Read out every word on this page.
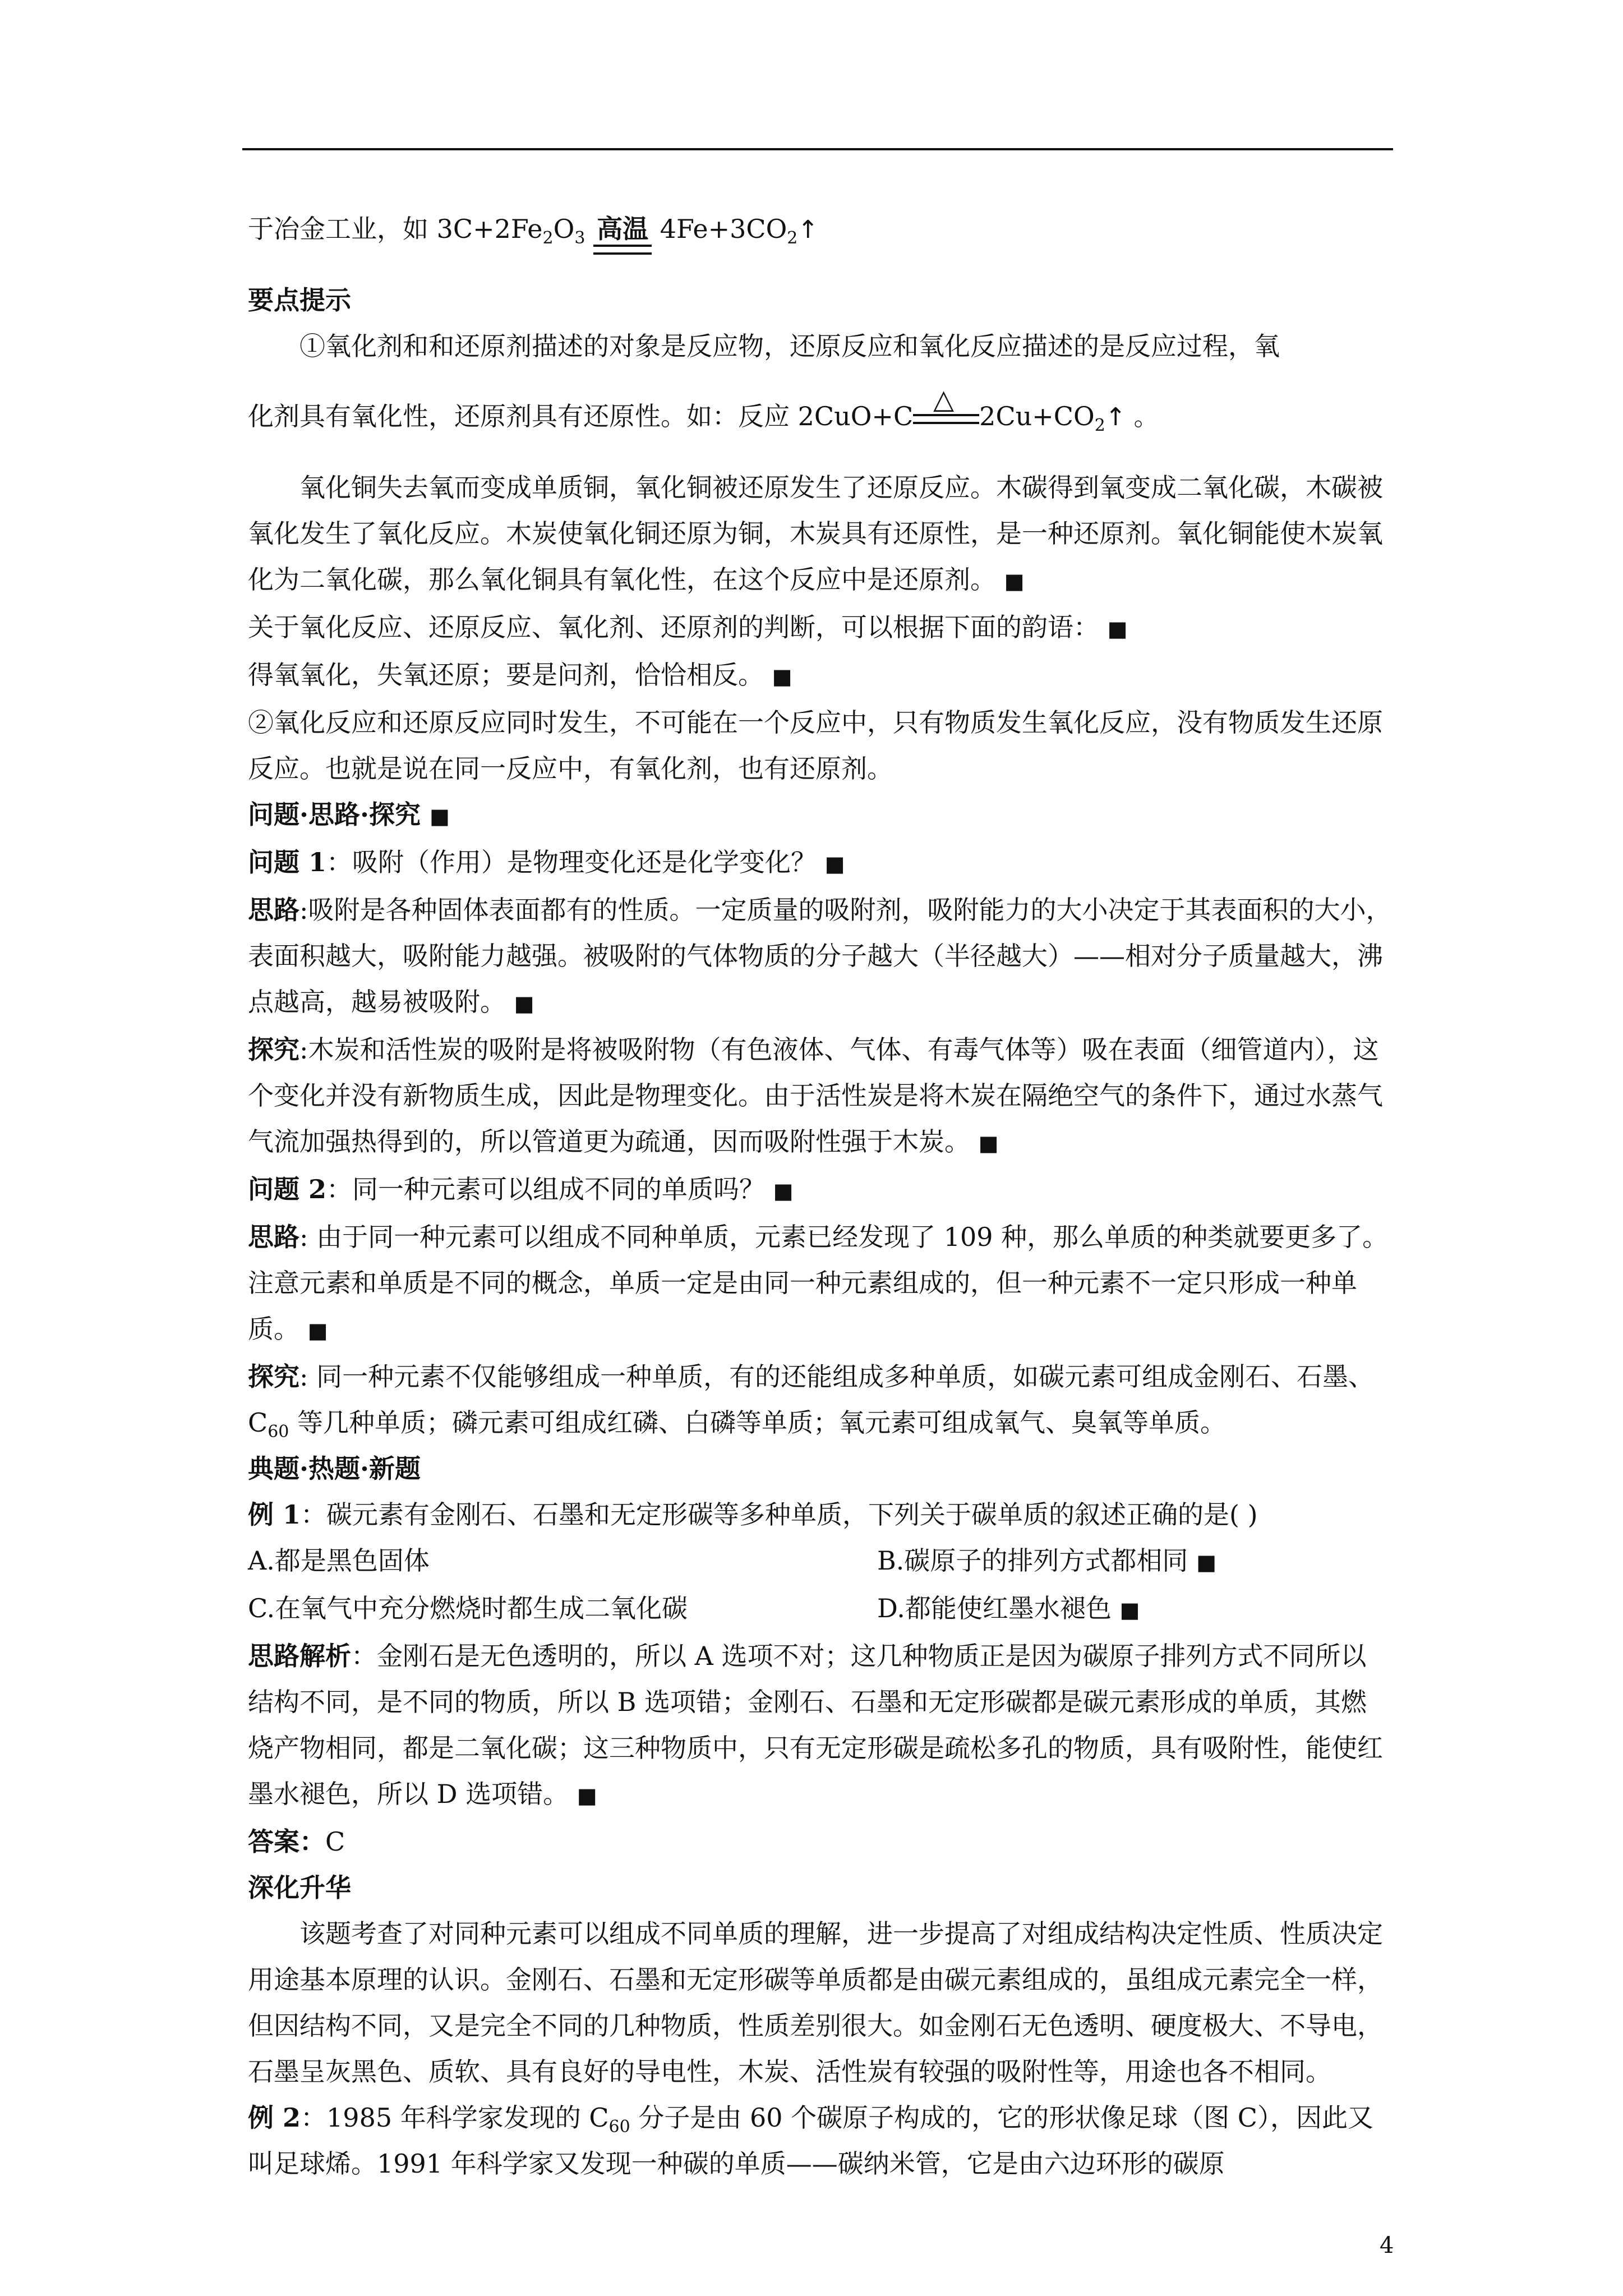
于冶金工业，如 $3C+2Fe_2O_3$ 高温 $4Fe+3CO_2↑$

要点提示

①氧化剂和和还原剂描述的对象是反应物，还原反应和氧化反应描述的是反应过程，氧

化剂具有氧化性，还原剂具有还原性。如：反应 2CuO+C
△
$2Cu+CO_2↑$ 。

氧化铜失去氧而变成单质铜，氧化铜被还原发生了还原反应。木碳得到氧变成二氧化碳，木碳被氧化发生了氧化反应。木炭使氧化铜还原为铜，木炭具有还原性，是一种还原剂。氧化铜能使木炭氧化为二氧化碳，那么氧化铜具有氧化性，在这个反应中是还原剂。 ■

关于氧化反应、还原反应、氧化剂、还原剂的判断，可以根据下面的韵语： ■

得氧氧化，失氧还原；要是问剂，恰恰相反。 ■

②氧化反应和还原反应同时发生，不可能在一个反应中，只有物质发生氧化反应，没有物质发生还原反应。也就是说在同一反应中，有氧化剂，也有还原剂。

问题·思路·探究 ■

问题 1：吸附（作用）是物理变化还是化学变化？ ■

思路:吸附是各种固体表面都有的性质。一定质量的吸附剂，吸附能力的大小决定于其表面积的大小，表面积越大，吸附能力越强。被吸附的气体物质的分子越大（半径越大）——相对分子质量越大，沸点越高，越易被吸附。 ■

探究:木炭和活性炭的吸附是将被吸附物（有色液体、气体、有毒气体等）吸在表面（细管道内），这个变化并没有新物质生成，因此是物理变化。由于活性炭是将木炭在隔绝空气的条件下，通过水蒸气气流加强热得到的，所以管道更为疏通，因而吸附性强于木炭。 ■

问题 2：同一种元素可以组成不同的单质吗？ ■

思路: 由于同一种元素可以组成不同种单质，元素已经发现了 109 种，那么单质的种类就要更多了。注意元素和单质是不同的概念，单质一定是由同一种元素组成的，但一种元素不一定只形成一种单质。 ■

探究: 同一种元素不仅能够组成一种单质，有的还能组成多种单质，如碳元素可组成金刚石、石墨、$C_{60}$ 等几种单质；磷元素可组成红磷、白磷等单质；氧元素可组成氧气、臭氧等单质。

典题·热题·新题

例 1：碳元素有金刚石、石墨和无定形碳等多种单质，下列关于碳单质的叙述正确的是( )

A.都是黑色固体	B.碳原子的排列方式都相同 ■

C.在氧气中充分燃烧时都生成二氧化碳	D.都能使红墨水褪色 ■

思路解析：金刚石是无色透明的，所以 A 选项不对；这几种物质正是因为碳原子排列方式不同所以结构不同，是不同的物质，所以 B 选项错；金刚石、石墨和无定形碳都是碳元素形成的单质，其燃烧产物相同，都是二氧化碳；这三种物质中，只有无定形碳是疏松多孔的物质，具有吸附性，能使红墨水褪色，所以 D 选项错。 ■

答案：C

深化升华

该题考查了对同种元素可以组成不同单质的理解，进一步提高了对组成结构决定性质、性质决定用途基本原理的认识。金刚石、石墨和无定形碳等单质都是由碳元素组成的，虽组成元素完全一样，但因结构不同，又是完全不同的几种物质，性质差别很大。如金刚石无色透明、硬度极大、不导电，石墨呈灰黑色、质软、具有良好的导电性，木炭、活性炭有较强的吸附性等，用途也各不相同。

例 2：1985 年科学家发现的 $C_{60}$ 分子是由 60 个碳原子构成的，它的形状像足球（图 C），因此又叫足球烯。1991 年科学家又发现一种碳的单质——碳纳米管，它是由六边环形的碳原

4
